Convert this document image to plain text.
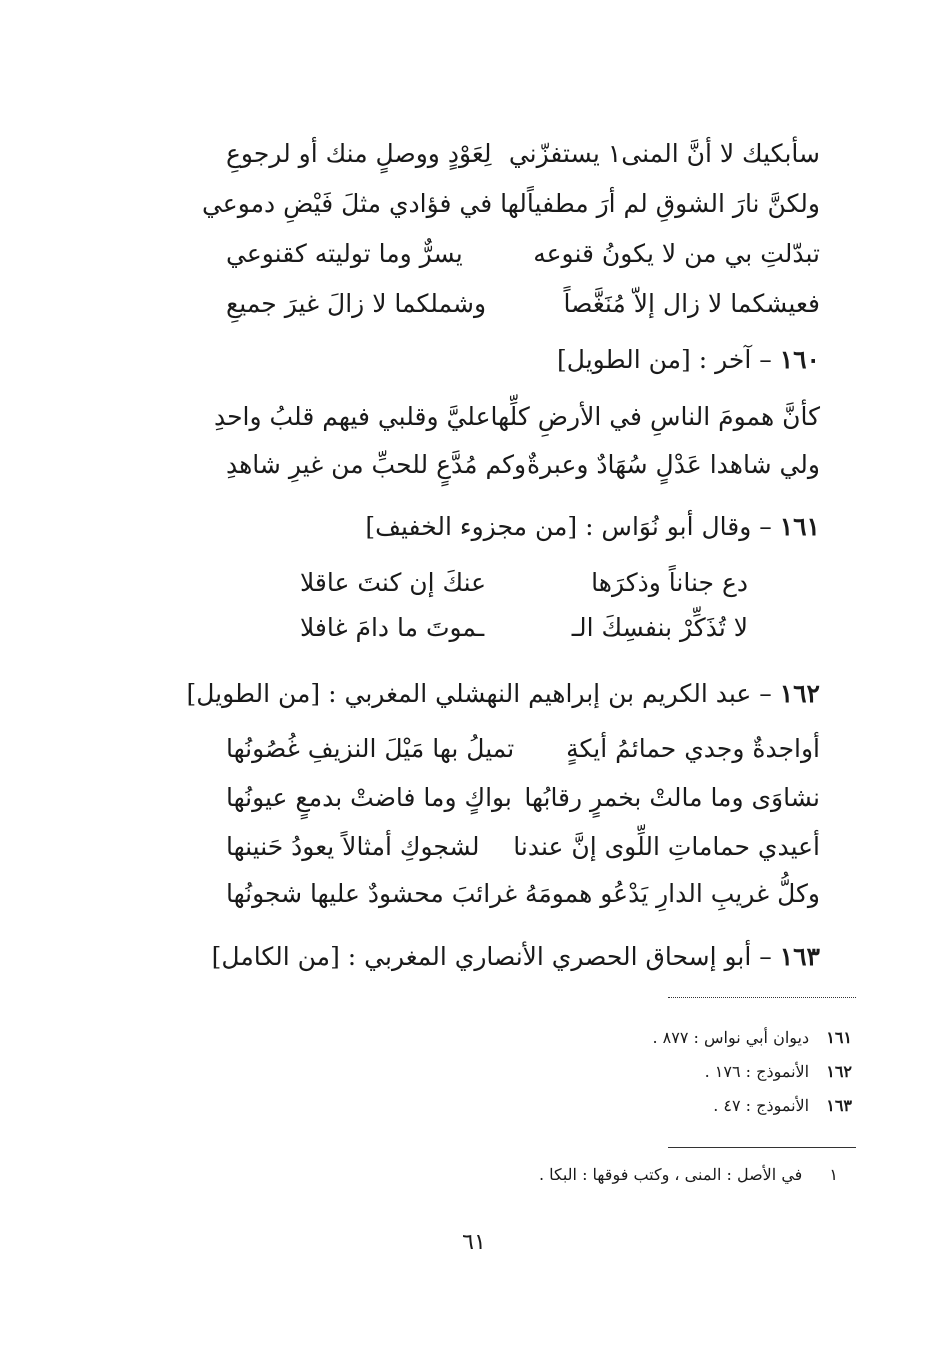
سأبكيك لا أنَّ المنى١ يستفزّني
لِعَوْدٍ ووصلٍ منك أو لرجوعِ
ولكنَّ نارَ الشوقِ لم أرَ مطفياً
لها في فؤادي مثلَ فَيْضِ دموعي
تبدّلتِ بي من لا يكونُ قنوعه
يسرٌّ وما توليته كقنوعي
فعيشكما لا زال إلاّ مُنَغَّصاً
وشملكما لا زالَ غيرَ جميعِ
١٦٠ – آخر : [من الطويل]
كأنَّ همومَ الناسِ في الأرضِ كلِّها
عليَّ وقلبي فيهم قلبُ واحدِ
ولي شاهدا عَدْلٍ سُهَادٌ وعبرةٌ
وكم مُدَّعٍ للحبِّ من غيرِ شاهدِ
١٦١ – وقال أبو نُوَاس : [من مجزوء الخفيف]
دع جناناً وذكرَها
عنكَ إن كنتَ عاقلا
لا تُذَكِّرْ بنفسِكَ الـ
ـموتَ ما دامَ غافلا
١٦٢ – عبد الكريم بن إبراهيم النهشلي المغربي : [من الطويل]
أواجدةٌ وجدي حمائمُ أيكةٍ
تميلُ بها مَيْلَ النزيفِ غُصُونُها
نشاوَى وما مالتْ بخمرٍ رقابُها
بواكٍ وما فاضتْ بدمعٍ عيونُها
أعيدي حماماتِ اللِّوى إنَّ عندنا
لشجوكِ أمثالاً يعودُ حَنينها
وكلُّ غريبِ الدارِ يَدْعُو همومَهُ
غرائبَ محشودٌ عليها شجونُها
١٦٣ – أبو إسحاق الحصري الأنصاري المغربي : [من الكامل]
١٦١ ديوان أبي نواس : ٨٧٧ .
١٦٢ الأنموذج : ١٧٦ .
١٦٣ الأنموذج : ٤٧ .
١ في الأصل : المنى ، وكتب فوقها : البكا .
٦١
